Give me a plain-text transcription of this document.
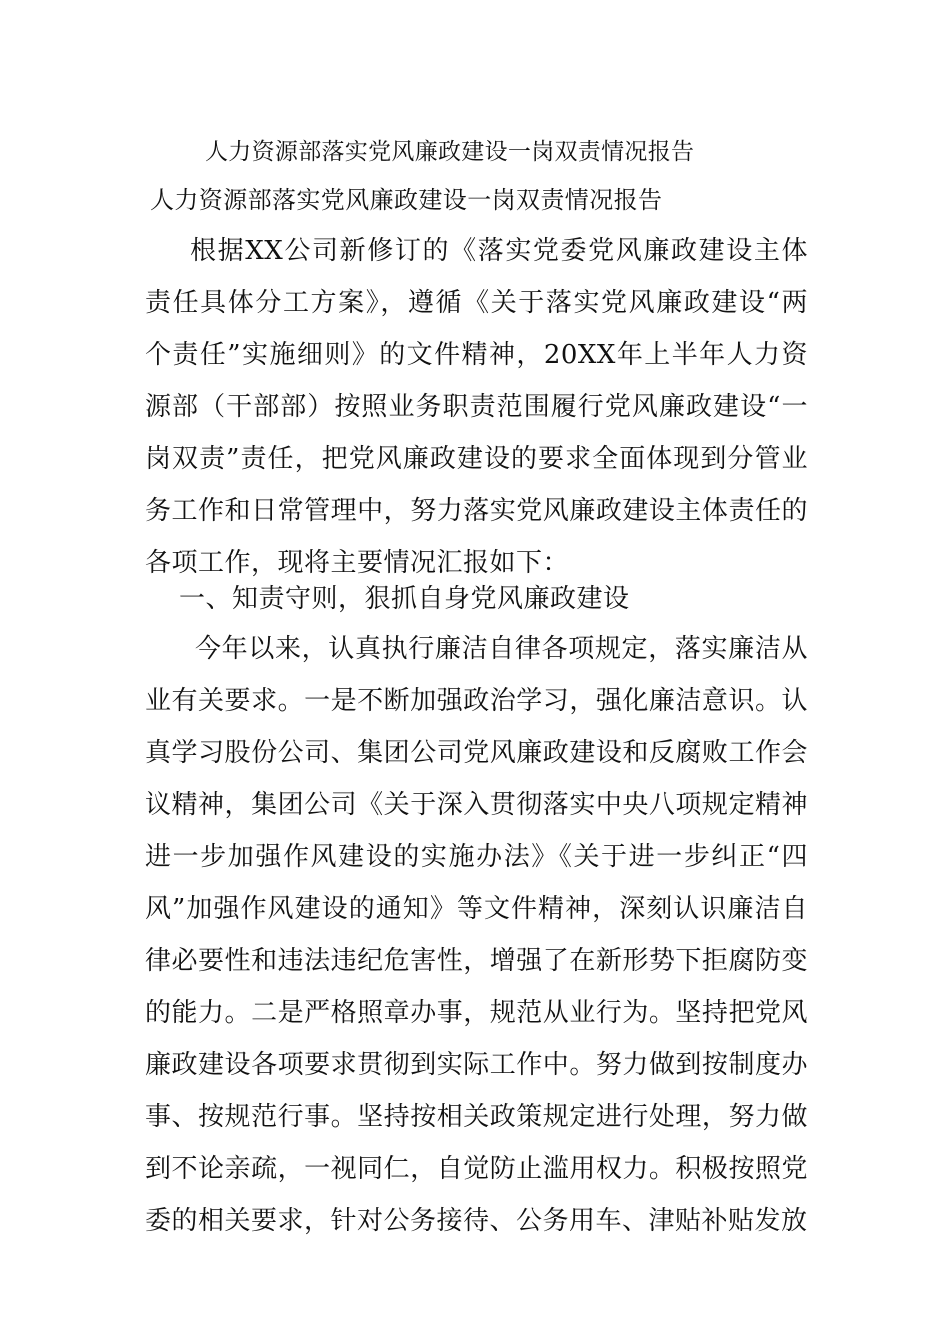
人力资源部落实党风廉政建设一岗双责情况报告
人力资源部落实党风廉政建设一岗双责情况报告

根据XX公司新修订的《落实党委党风廉政建设主体责任具体分工方案》，遵循《关于落实党风廉政建设“两个责任”实施细则》的文件精神，20XX年上半年人力资源部（干部部）按照业务职责范围履行党风廉政建设“一岗双责”责任，把党风廉政建设的要求全面体现到分管业务工作和日常管理中，努力落实党风廉政建设主体责任的各项工作，现将主要情况汇报如下：

一、知责守则，狠抓自身党风廉政建设

今年以来，认真执行廉洁自律各项规定，落实廉洁从业有关要求。一是不断加强政治学习，强化廉洁意识。认真学习股份公司、集团公司党风廉政建设和反腐败工作会议精神，集团公司《关于深入贯彻落实中央八项规定精神进一步加强作风建设的实施办法》《关于进一步纠正“四风”加强作风建设的通知》等文件精神，深刻认识廉洁自律必要性和违法违纪危害性，增强了在新形势下拒腐防变的能力。二是严格照章办事，规范从业行为。坚持把党风廉政建设各项要求贯彻到实际工作中。努力做到按制度办事、按规范行事。坚持按相关政策规定进行处理，努力做到不论亲疏，一视同仁，自觉防止滥用权力。积极按照党委的相关要求，针对公务接待、公务用车、津贴补贴发放
